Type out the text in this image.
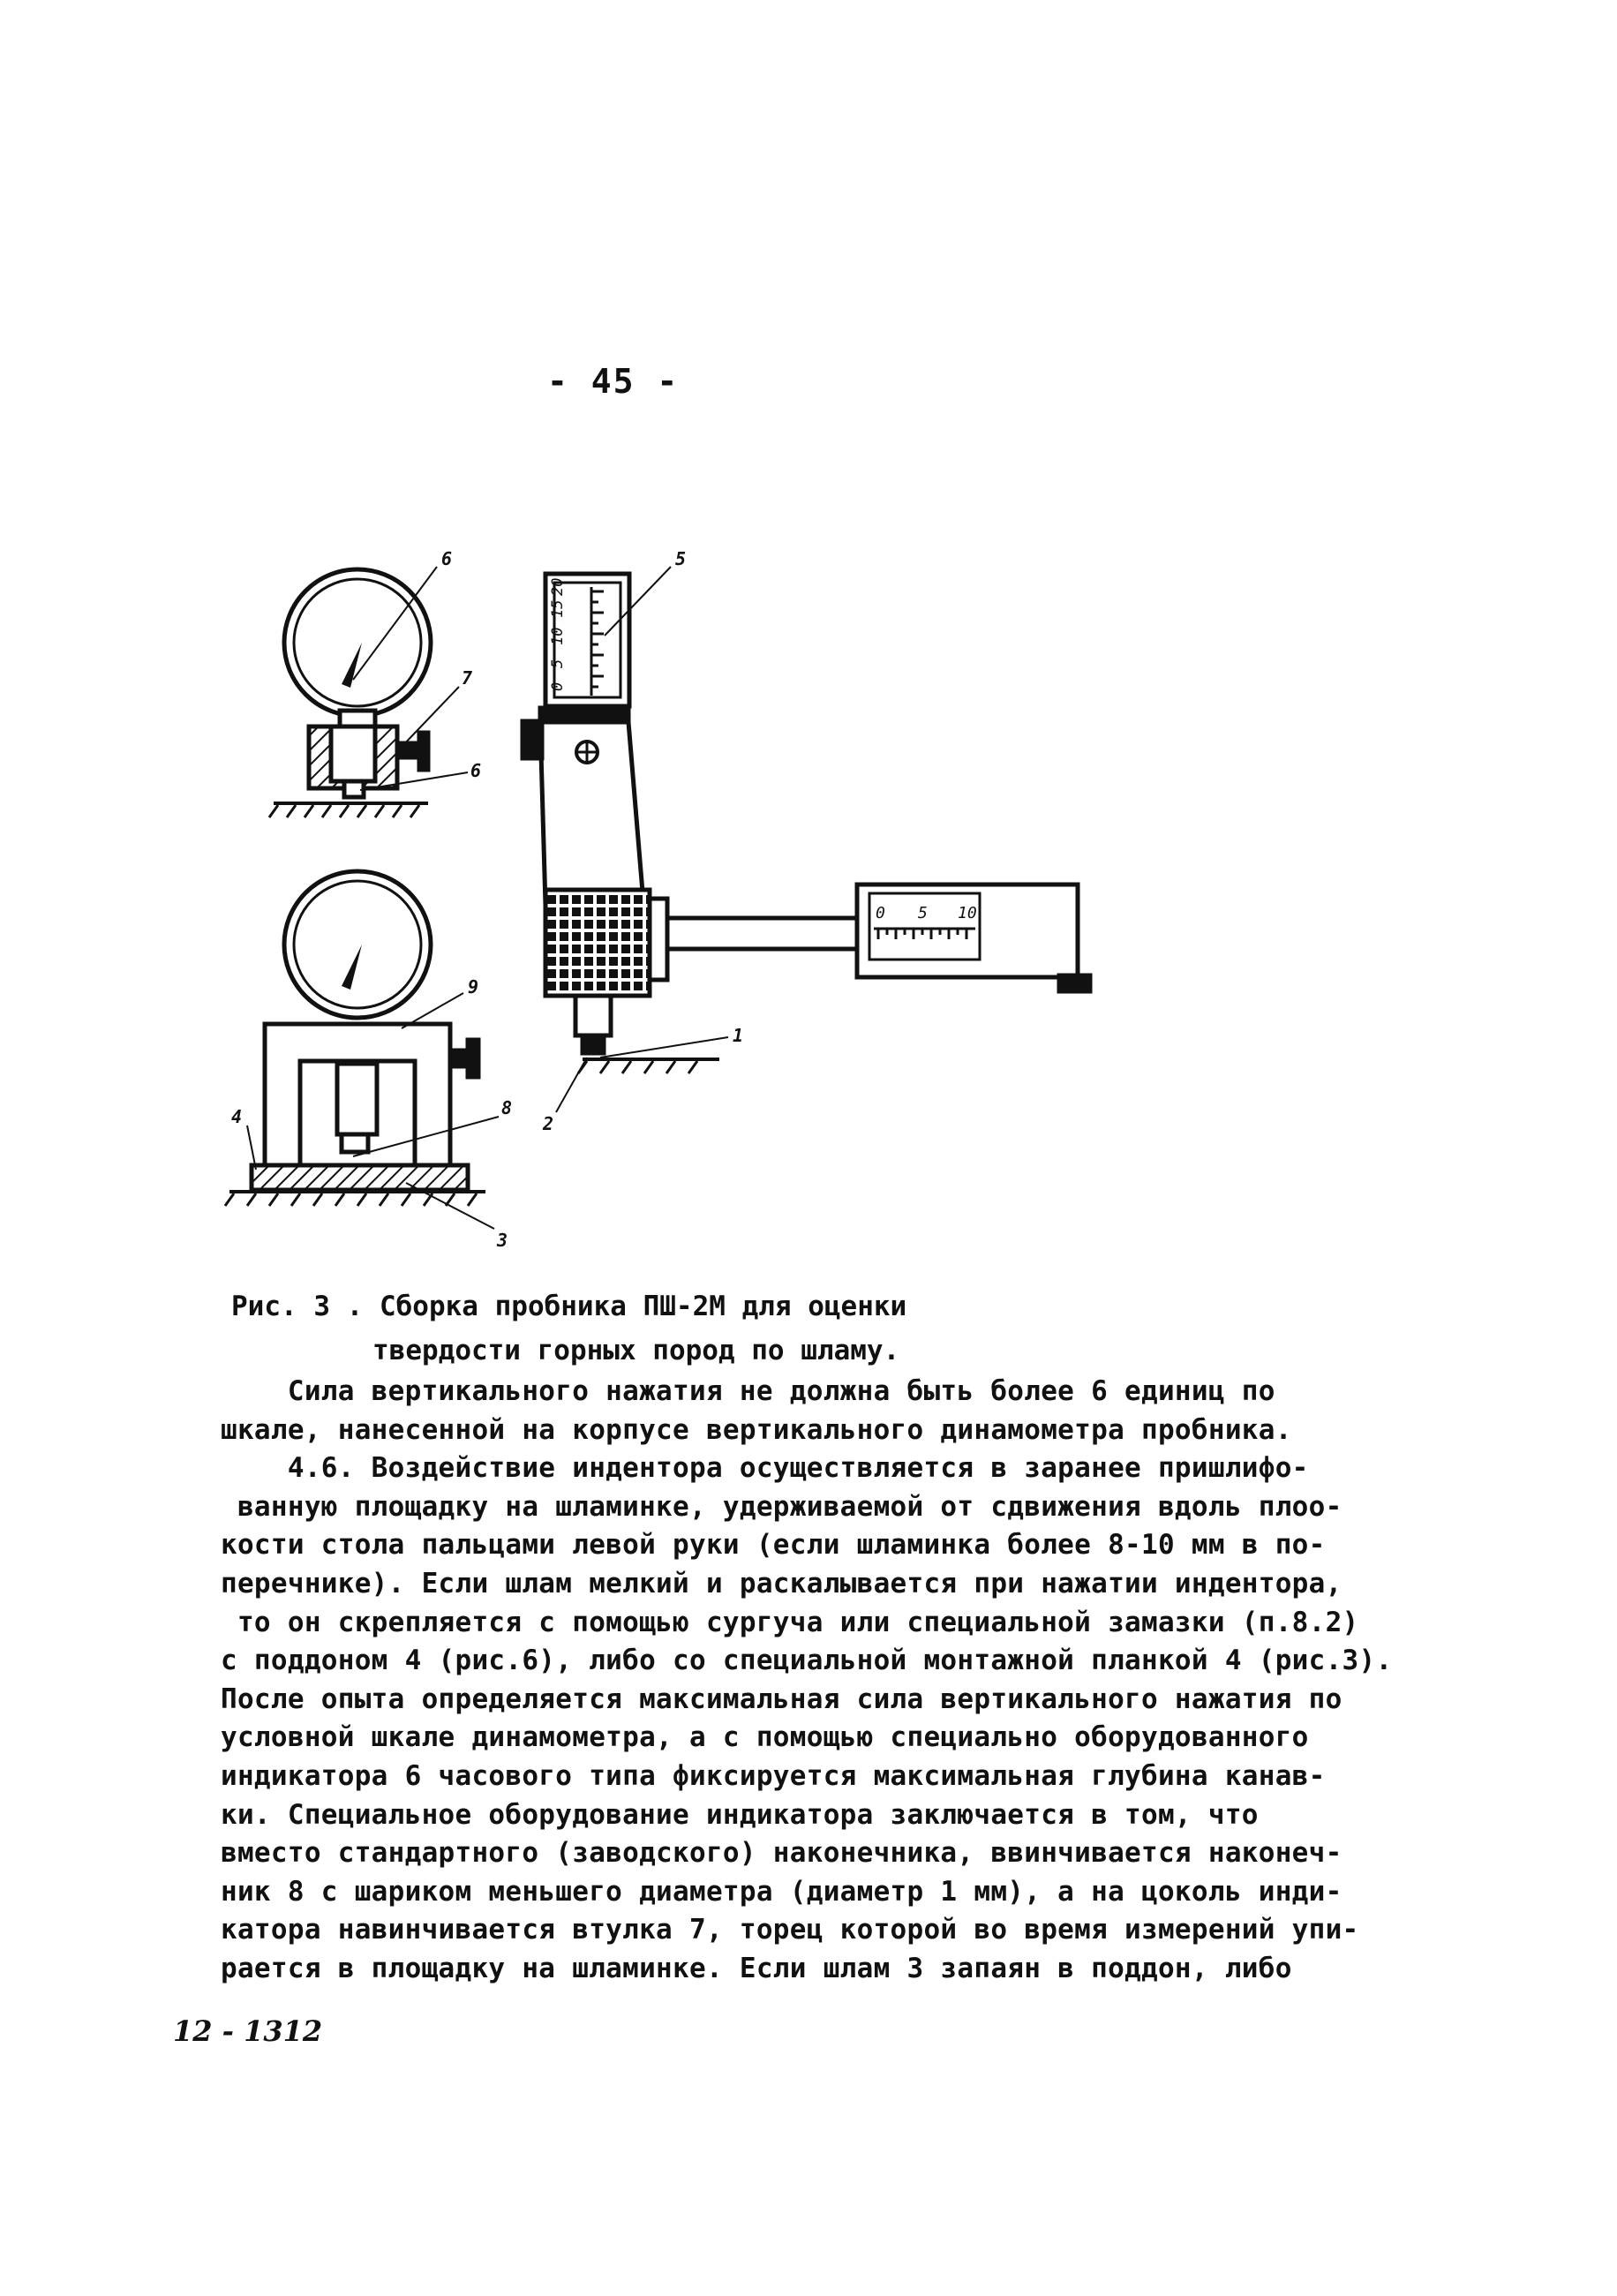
- 45 -
6
7
6
9
8
4
3
5
1
2
0
5
10
15
20
0 5 10
Рис. 3 . Сборка пробника ПШ-2М для оценки
твердости горных пород по шламу.
Сила вертикального нажатия не должна быть более 6 единиц по
шкале, нанесенной на корпусе вертикального динамометра пробника.
4.6. Воздействие индентора осуществляется в заранее пришлифо-
ванную площадку на шламинке, удерживаемой от сдвижения вдоль плоо-
кости стола пальцами левой руки (если шламинка более 8-10 мм в по-
перечнике). Если шлам мелкий и раскалывается при нажатии индентора,
то он скрепляется с помощью сургуча или специальной замазки (п.8.2)
с поддоном 4 (рис.6), либо со специальной монтажной планкой 4 (рис.3).
После опыта определяется максимальная сила вертикального нажатия по
условной шкале динамометра, а с помощью специально оборудованного
индикатора 6 часового типа фиксируется максимальная глубина канав-
ки. Специальное оборудование индикатора заключается в том, что
вместо стандартного (заводского) наконечника, ввинчивается наконеч-
ник 8 с шариком меньшего диаметра (диаметр 1 мм), а на цоколь инди-
катора навинчивается втулка 7, торец которой во время измерений упи-
рается в площадку на шламинке. Если шлам 3 запаян в поддон, либо
12 - 1312
